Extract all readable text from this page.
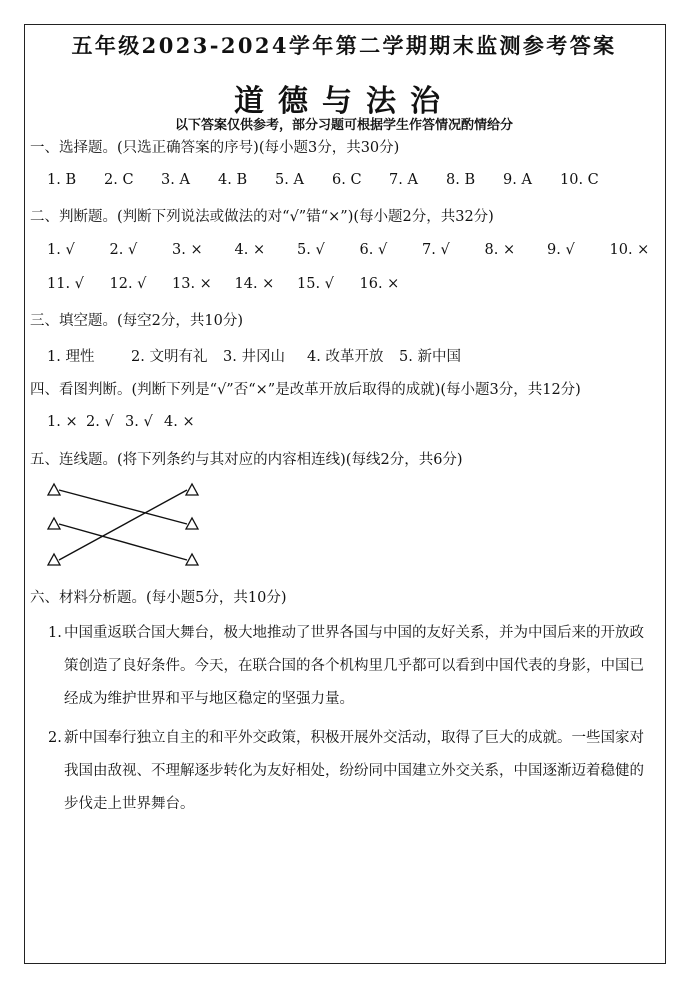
五年级2023-2024学年第二学期期末监测参考答案
道德与法治
以下答案仅供参考，部分习题可根据学生作答情况酌情给分
一、选择题。(只选正确答案的序号)(每小题3分，共30分)
1. B	2. C	3. A	4. B	5. A	6. C	7. A	8. B	9. A	10. C
二、判断题。(判断下列说法或做法的对“√”错“×”)(每小题2分，共32分)
1. √	2. √	3. ×	4. ×	5. √	6. √	7. √	8. ×	9. √	10. ×
11. √	12. √	13. ×	14. ×	15. √	16. ×
三、填空题。(每空2分，共10分)
1. 理性	2. 文明有礼	3. 井冈山	4. 改革开放	5. 新中国
四、看图判断。(判断下列是“√”否“×”是改革开放后取得的成就)(每小题3分，共12分)
1. × 2. √ 3. √ 4. ×
五、连线题。(将下列条约与其对应的内容相连线)(每线2分，共6分)
六、材料分析题。(每小题5分，共10分)
1. 中国重返联合国大舞台，极大地推动了世界各国与中国的友好关系，并为中国后来的开放政策创造了良好条件。今天，在联合国的各个机构里几乎都可以看到中国代表的身影，中国已经成为维护世界和平与地区稳定的坚强力量。
2. 新中国奉行独立自主的和平外交政策，积极开展外交活动，取得了巨大的成就。一些国家对我国由敌视、不理解逐步转化为友好相处，纷纷同中国建立外交关系，中国逐渐迈着稳健的步伐走上世界舞台。
